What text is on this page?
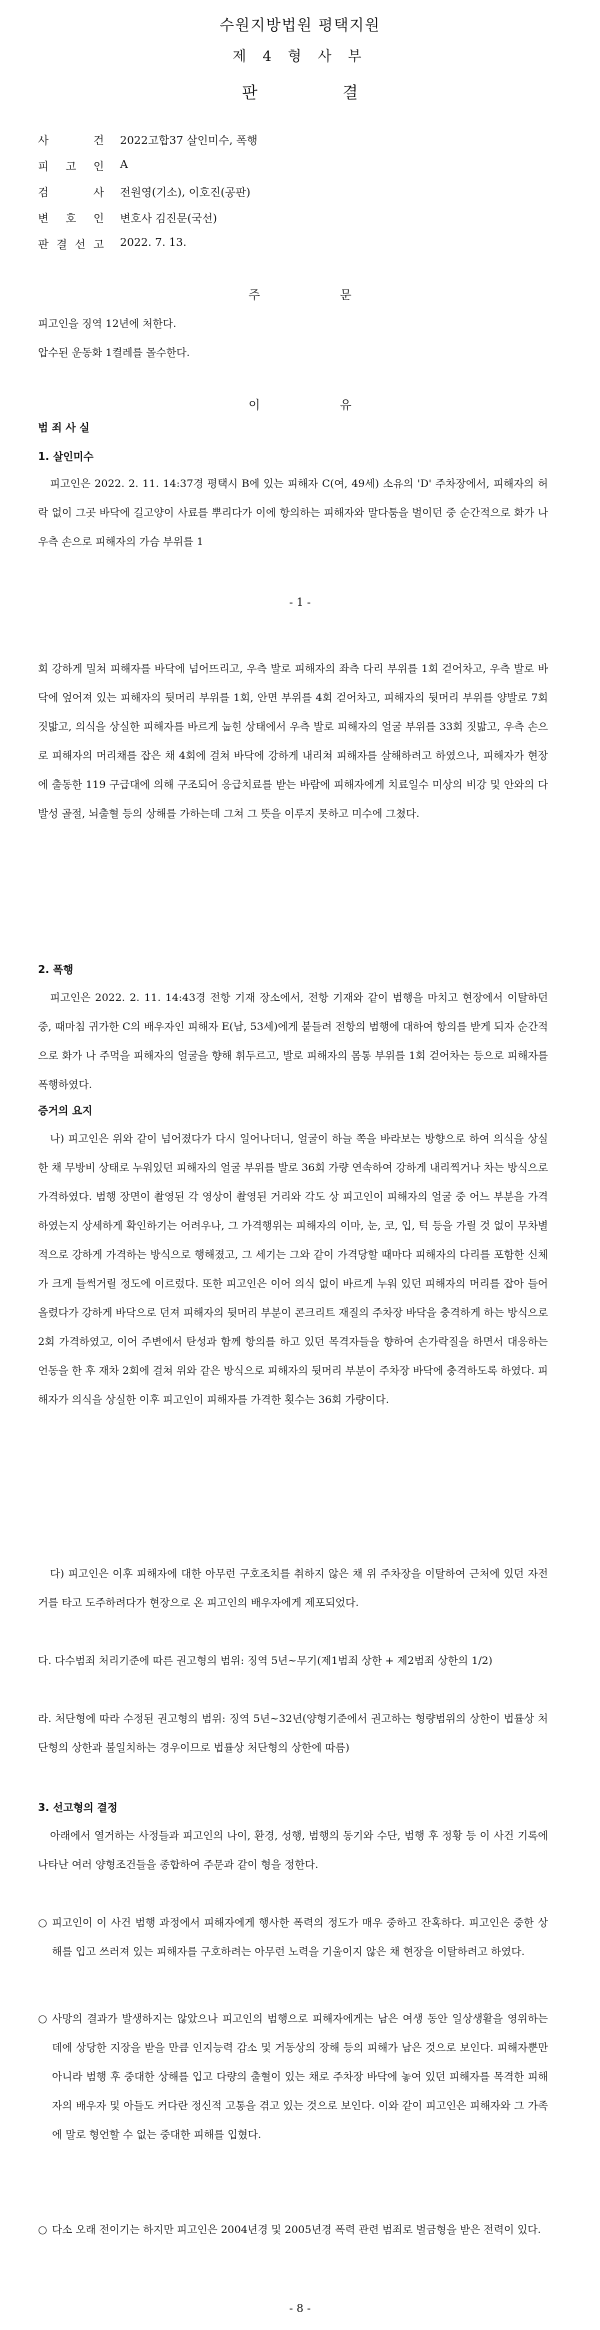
수원지방법원 평택지원
제 4 형 사 부
판 결
사 건 2022고합37 살인미수, 폭행
피 고 인 A
검 사 전원영(기소), 이호진(공판)
변 호 인 변호사 김진문(국선)
판 결 선 고 2022. 7. 13.
주 문
피고인을 징역 12년에 처한다.
압수된 운동화 1켤레를 몰수한다.
이 유
범 죄 사 실
1. 살인미수
피고인은 2022. 2. 11. 14:37경 평택시 B에 있는 피해자 C(여, 49세) 소유의 'D' 주차장에서, 피해자의 허락 없이 그곳 바닥에 길고양이 사료를 뿌리다가 이에 항의하는 피해자와 말다툼을 벌이던 중 순간적으로 화가 나 우측 손으로 피해자의 가슴 부위를 1
- 1 -
회 강하게 밀쳐 피해자를 바닥에 넘어뜨리고, 우측 발로 피해자의 좌측 다리 부위를 1회 걷어차고, 우측 발로 바닥에 엎어져 있는 피해자의 뒷머리 부위를 1회, 안면 부위를 4회 걷어차고, 피해자의 뒷머리 부위를 양발로 7회 짓밟고, 의식을 상실한 피해자를 바르게 눕힌 상태에서 우측 발로 피해자의 얼굴 부위를 33회 짓밟고, 우측 손으로 피해자의 머리채를 잡은 채 4회에 걸쳐 바닥에 강하게 내리쳐 피해자를 살해하려고 하였으나, 피해자가 현장에 출동한 119 구급대에 의해 구조되어 응급치료를 받는 바람에 피해자에게 치료일수 미상의 비강 및 안와의 다발성 골절, 뇌출혈 등의 상해를 가하는데 그쳐 그 뜻을 이루지 못하고 미수에 그쳤다.
2. 폭행
피고인은 2022. 2. 11. 14:43경 전항 기재 장소에서, 전항 기재와 같이 범행을 마치고 현장에서 이탈하던 중, 때마침 귀가한 C의 배우자인 피해자 E(남, 53세)에게 붙들려 전항의 범행에 대하여 항의를 받게 되자 순간적으로 화가 나 주먹을 피해자의 얼굴을 향해 휘두르고, 발로 피해자의 몸통 부위를 1회 걷어차는 등으로 피해자를 폭행하였다.
증거의 요지
나) 피고인은 위와 같이 넘어졌다가 다시 일어나더니, 얼굴이 하늘 쪽을 바라보는 방향으로 하여 의식을 상실한 채 무방비 상태로 누워있던 피해자의 얼굴 부위를 발로 36회 가량 연속하여 강하게 내리찍거나 차는 방식으로 가격하였다. 범행 장면이 촬영된 각 영상이 촬영된 거리와 각도 상 피고인이 피해자의 얼굴 중 어느 부분을 가격하였는지 상세하게 확인하기는 어려우나, 그 가격행위는 피해자의 이마, 눈, 코, 입, 턱 등을 가릴 것 없이 무차별적으로 강하게 가격하는 방식으로 행해졌고, 그 세기는 그와 같이 가격당할 때마다 피해자의 다리를 포함한 신체가 크게 들썩거릴 정도에 이르렀다. 또한 피고인은 이어 의식 없이 바르게 누워 있던 피해자의 머리를 잡아 들어올렸다가 강하게 바닥으로 던져 피해자의 뒷머리 부분이 콘크리트 재질의 주차장 바닥을 충격하게 하는 방식으로 2회 가격하였고, 이어 주변에서 탄성과 함께 항의를 하고 있던 목격자들을 향하여 손가락질을 하면서 대응하는 언동을 한 후 재차 2회에 걸쳐 위와 같은 방식으로 피해자의 뒷머리 부분이 주차장 바닥에 충격하도록 하였다. 피해자가 의식을 상실한 이후 피고인이 피해자를 가격한 횟수는 36회 가량이다.
다) 피고인은 이후 피해자에 대한 아무런 구호조치를 취하지 않은 채 위 주차장을 이탈하여 근처에 있던 자전거를 타고 도주하려다가 현장으로 온 피고인의 배우자에게 제포되었다.
다. 다수범죄 처리기준에 따른 권고형의 범위: 징역 5년~무기(제1범죄 상한 + 제2범죄 상한의 1/2)
라. 처단형에 따라 수정된 권고형의 범위: 징역 5년~32년(양형기준에서 권고하는 형량범위의 상한이 법률상 처단형의 상한과 불일치하는 경우이므로 법률상 처단형의 상한에 따름)
3. 선고형의 결정
아래에서 열거하는 사정들과 피고인의 나이, 환경, 성행, 범행의 동기와 수단, 범행 후 정황 등 이 사건 기록에 나타난 여러 양형조건들을 종합하여 주문과 같이 형을 정한다.
○ 피고인이 이 사건 범행 과정에서 피해자에게 행사한 폭력의 정도가 매우 중하고 잔혹하다. 피고인은 중한 상해를 입고 쓰러져 있는 피해자를 구호하려는 아무런 노력을 기울이지 않은 채 현장을 이탈하려고 하였다.
○ 사망의 결과가 발생하지는 않았으나 피고인의 범행으로 피해자에게는 남은 여생 동안 일상생활을 영위하는 데에 상당한 지장을 받을 만큼 인지능력 감소 및 거동상의 장해 등의 피해가 남은 것으로 보인다. 피해자뿐만 아니라 범행 후 중대한 상해를 입고 다량의 출혈이 있는 채로 주차장 바닥에 놓여 있던 피해자를 목격한 피해자의 배우자 및 아들도 커다란 정신적 고통을 겪고 있는 것으로 보인다. 이와 같이 피고인은 피해자와 그 가족에 말로 형언할 수 없는 중대한 피해를 입혔다.
○ 다소 오래 전이기는 하지만 피고인은 2004년경 및 2005년경 폭력 관련 범죄로 벌금형을 받은 전력이 있다.
- 8 -
